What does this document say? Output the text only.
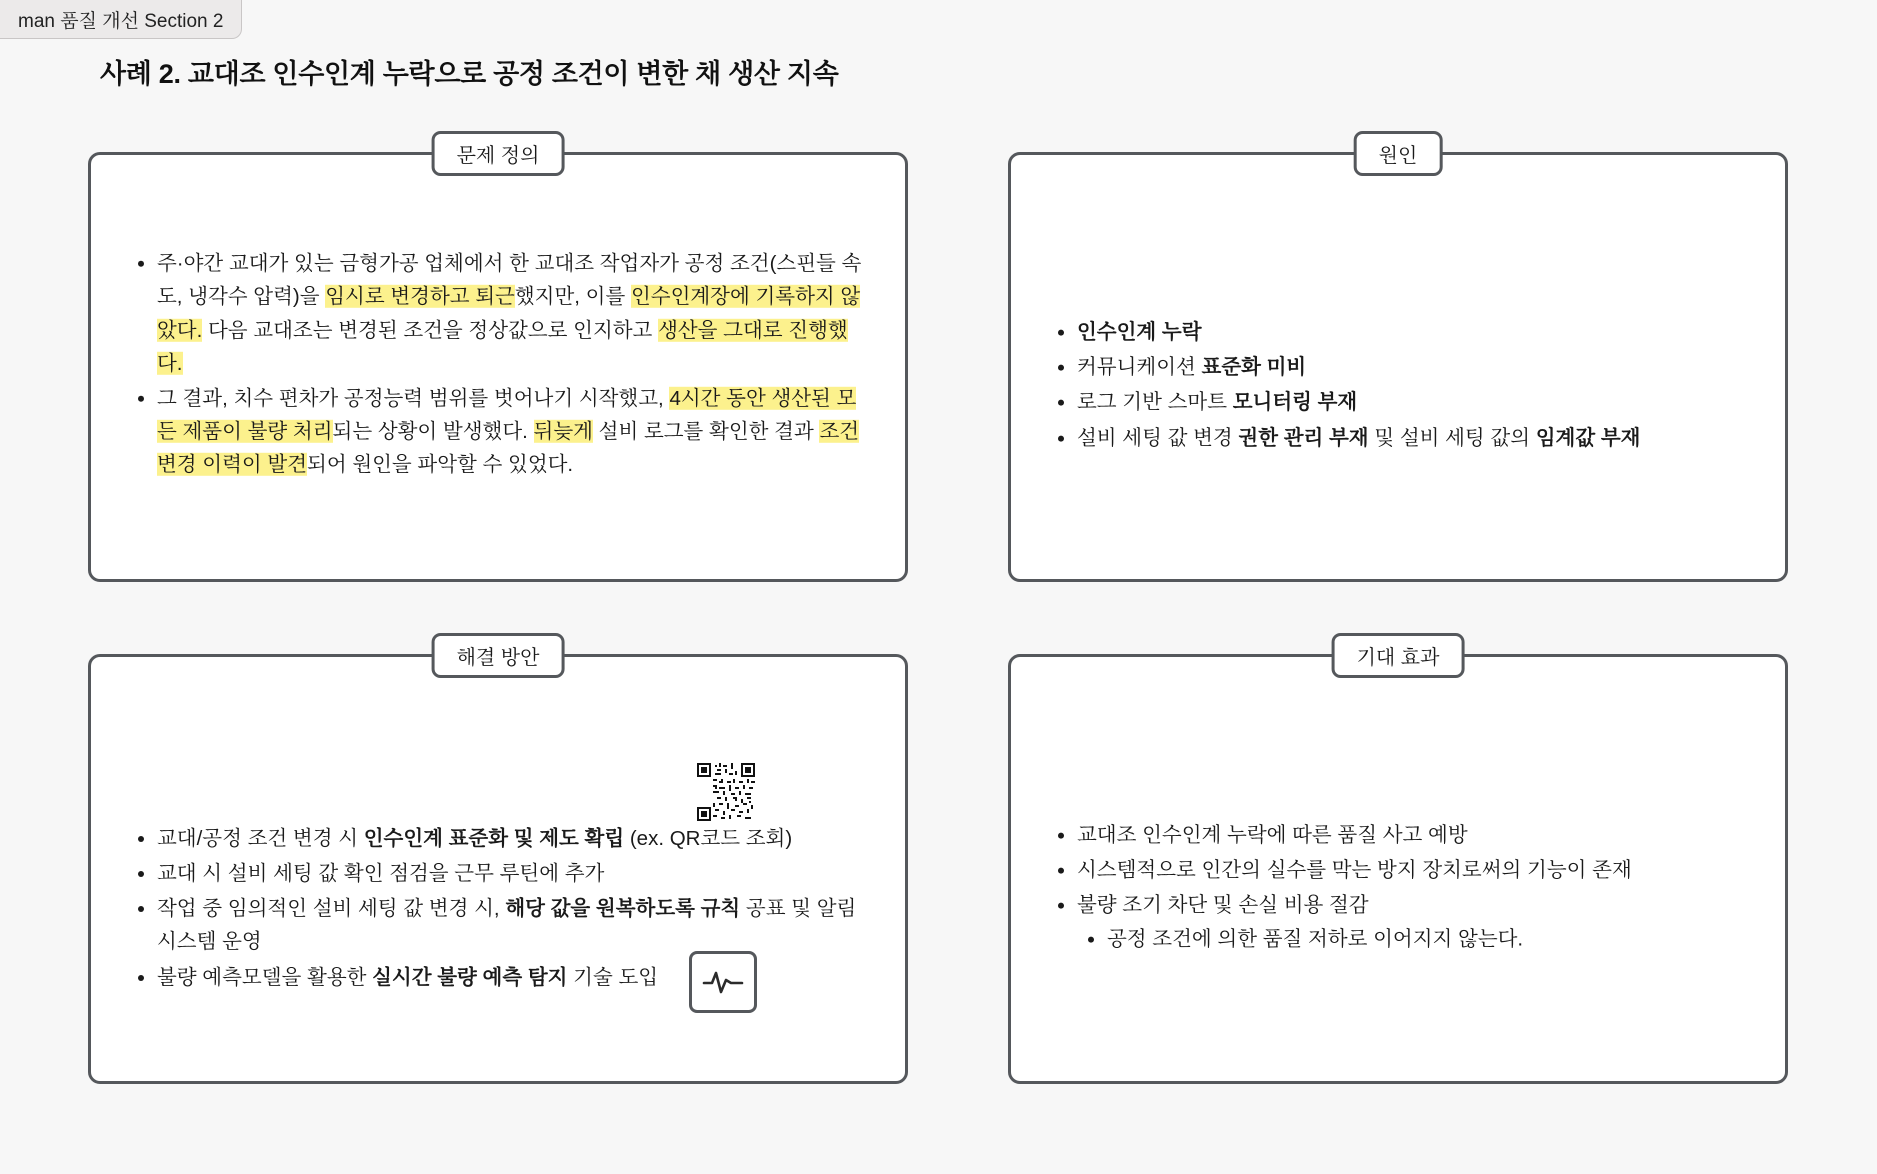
man 품질 개선 Section 2
사례 2. 교대조 인수인계 누락으로 공정 조건이 변한 채 생산 지속
문제 정의
• 주·야간 교대가 있는 금형가공 업체에서 한 교대조 작업자가 공정 조건(스핀들 속도, 냉각수 압력)을 임시로 변경하고 퇴근했지만, 이를 인수인계장에 기록하지 않았다. 다음 교대조는 변경된 조건을 정상값으로 인지하고 생산을 그대로 진행했다.
• 그 결과, 치수 편차가 공정능력 범위를 벗어나기 시작했고, 4시간 동안 생산된 모든 제품이 불량 처리되는 상황이 발생했다. 뒤늦게 설비 로그를 확인한 결과 조건 변경 이력이 발견되어 원인을 파악할 수 있었다.
원인
• 인수인계 누락
• 커뮤니케이션 표준화 미비
• 로그 기반 스마트 모니터링 부재
• 설비 세팅 값 변경 권한 관리 부재 및 설비 세팅 값의 임계값 부재
해결 방안
• 교대/공정 조건 변경 시 인수인계 표준화 및 제도 확립 (ex. QR코드 조회)
• 교대 시 설비 세팅 값 확인 점검을 근무 루틴에 추가
• 작업 중 임의적인 설비 세팅 값 변경 시, 해당 값을 원복하도록 규칙 공표 및 알림 시스템 운영
• 불량 예측모델을 활용한 실시간 불량 예측 탐지 기술 도입
기대 효과
• 교대조 인수인계 누락에 따른 품질 사고 예방
• 시스템적으로 인간의 실수를 막는 방지 장치로써의 기능이 존재
• 불량 조기 차단 및 손실 비용 절감
• 공정 조건에 의한 품질 저하로 이어지지 않는다.
